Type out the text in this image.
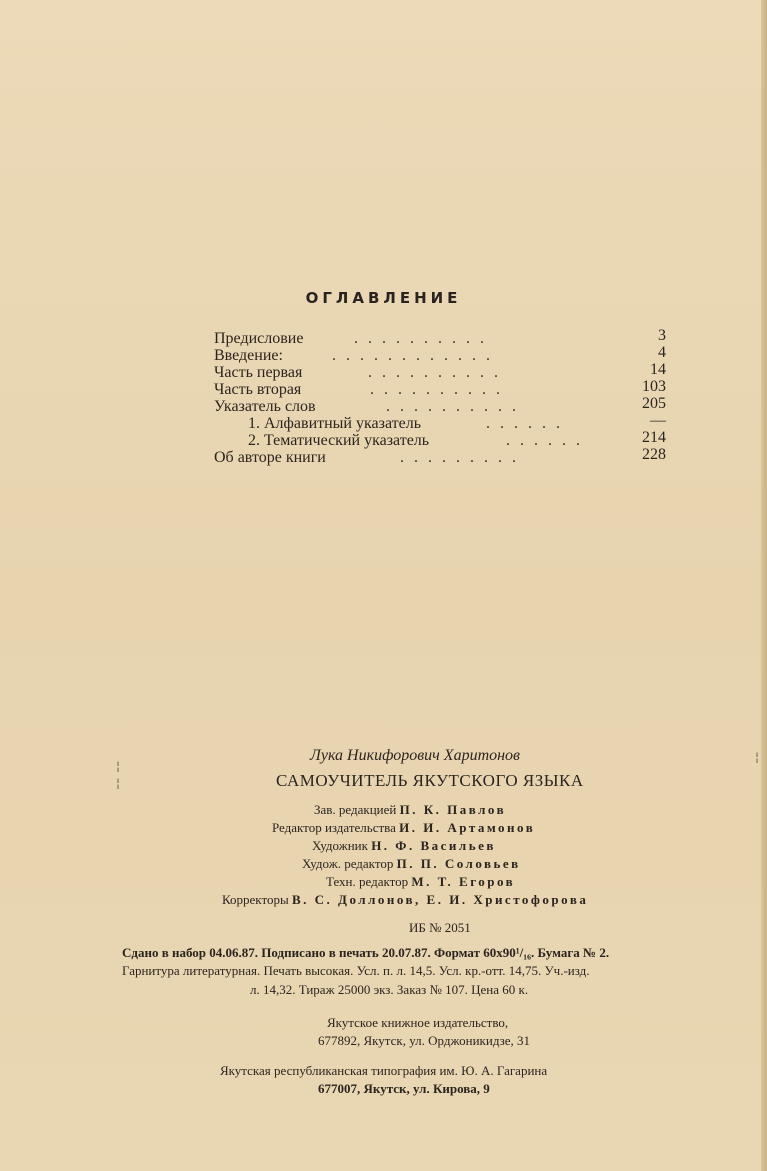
ОГЛАВЛЕНИЕ
Предисловие	. . . . . . . . . .	3
Введение:	. . . . . . . . . . . .	4
Часть первая	. . . . . . . . . .	14
Часть вторая	. . . . . . . . . .	103
Указатель слов	. . . . . . . . . .	205
1. Алфавитный указатель	. . . . . .	—
2. Тематический указатель	. . . . . .	214
Об авторе книги	. . . . . . . . .	228
Лука Никифорович Харитонов
САМОУЧИТЕЛЬ ЯКУТСКОГО ЯЗЫКА
Зав. редакцией П. К. Павлов
Редактор издательства И. И. Артамонов
Художник Н. Ф. Васильев
Худож. редактор П. П. Соловьев
Техн. редактор М. Т. Егоров
Корректоры В. С. Доллонов, Е. И. Христофорова
ИБ № 2051
Сдано в набор 04.06.87. Подписано в печать 20.07.87. Формат 60x90¹/₁₆. Бумага № 2.
Гарнитура литературная. Печать высокая. Усл. п. л. 14,5. Усл. кр.-отт. 14,75. Уч.-изд.
л. 14,32. Тираж 25000 экз. Заказ № 107. Цена 60 к.
Якутское книжное издательство,
677892, Якутск, ул. Орджоникидзе, 31
Якутская республиканская типография им. Ю. А. Гагарина
677007, Якутск, ул. Кирова, 9
¦
¦
¦
